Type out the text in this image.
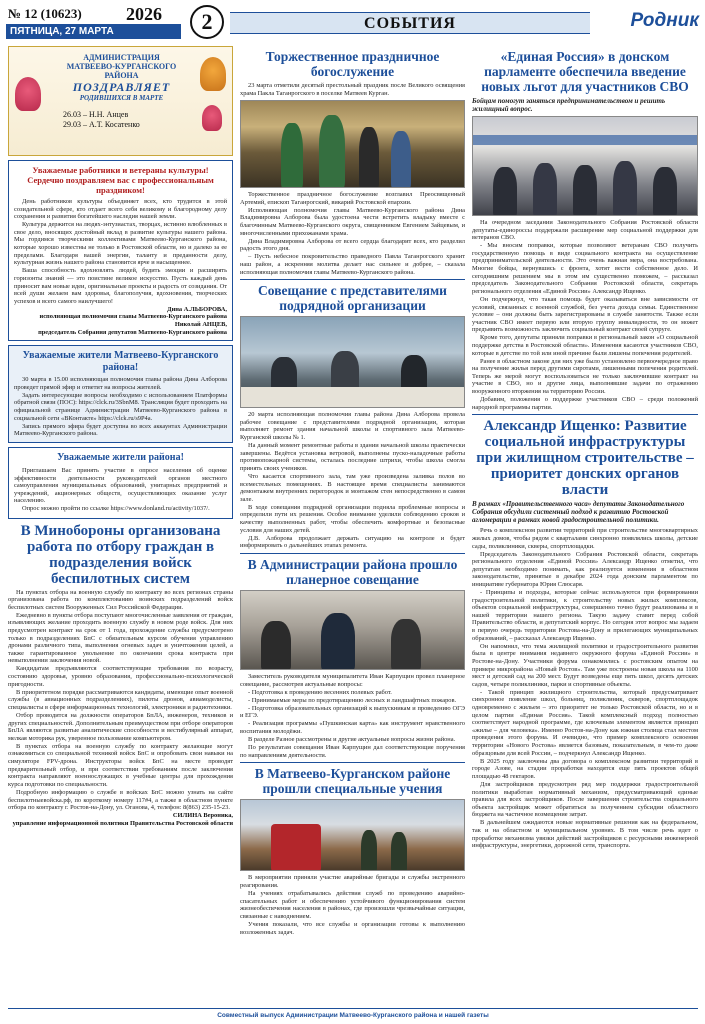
№ 12 (10623) 2026
ПЯТНИЦА, 27 МАРТА	2	СОБЫТИЯ	Родник
АДМИНИСТРАЦИЯ
МАТВЕЕВО-КУРГАНСКОГО РАЙОНА
ПОЗДРАВЛЯЕТ
РОДИВШИХСЯ В МАРТЕ
26.03 – Н.Н. Анцев
29.03 – А.Т. Косатенко
Уважаемые работники и ветераны культуры! Сердечно поздравляем вас с профессиональным праздником!

День работников культуры объединяет всех, кто трудится в этой созидательной сфере, кто отдает всего себя великому и благородному делу сохранения и развития богатейшего наследия нашей земли.

Культура держится на людях-энтузиастах, творцах, истинно влюбленных в свое дело, вносящих достойный вклад в развитие культуры нашего района. Мы гордимся творческими коллективами Матвеево-Курганского района, которые хорошо известны не только в Ростовской области, но и далеко за ее пределами. Благодаря вашей энергии, таланту и преданности делу, культурная жизнь нашего района становится ярче и насыщеннее.

Ваша способность вдохновлять людей, будить эмоции и расширять горизонты знаний — это поистине великое искусство. Пусть каждый день приносит вам новые идеи, оригинальные проекты и радость от созидания. От всей души желаем вам здоровья, благополучия, вдохновения, творческих успехов и всего самого наилучшего!

Дина А.ЛЬБОРОВА,
исполняющая полномочия главы Матвеево-Курганского района
Николай АНЦЕВ,
председатель Собрания депутатов Матвеево-Курганского района
Уважаемые жители Матвеево-Курганского района!

30 марта в 15.00 исполняющая полномочия главы района Дина Алборова проведет прямой эфир и ответит на вопросы жителей.

Задать интересующие вопросы необходимо с использованием Платформы обратной связи (ПОС): https://clck.ru/3SbnM8. Трансляция будет проходить на официальной странице Администрации Матвеево-Курганского района в социальной сети «ВКонтакте» https://clck.ru/s9P4a.

Запись прямого эфира будет доступна во всех аккаунтах Администрации Матвеево-Курганского района.

Уважаемые жители района!

Приглашаем Вас принять участие в опросе населения об оценке эффективности деятельности руководителей органов местного самоуправления муниципальных образований, унитарных предприятий и учреждений, акционерных обществ, осуществляющих оказание услуг населению.

Опрос можно пройти по ссылке https://www.donland.ru/activity/1037/.

В Минобороны организована работа по отбору граждан в подразделения войск беспилотных систем

На пунктах отбора на военную службу по контракту во всех регионах страны организована работа по комплектованию воинских подразделений войск беспилотных систем Вооруженных Сил Российской Федерации.

Ежедневно в пункты отбора поступают многочисленные заявления от граждан, изъявляющих желание проходить военную службу в новом роде войск. Для них предусмотрен контракт на срок от 1 года, прохождение службы предусмотрено только в подразделениях БпС с обязательным курсом обучения управлению дронами различного типа, выполнения огневых задач и уничтожения целей, а также гарантированное увольнение по окончании срока контракта при невыполнении заключения новой.

Кандидатам предъявляются соответствующие требования по возрасту, состоянию здоровья, уровню образования, профессионально-психологической пригодности.

В приоритетном порядке рассматриваются кандидаты, имеющие опыт военной службы (в авиационных подразделениях), пилоты дронов, авиамоделисты, специалисты в сфере информационных технологий, электроники и радиотехники.

Отбор проводится на должности операторов БпЛА, инженеров, техников и других специальностей. Дополнительным преимуществом при отборе операторов БпЛА являются развитые аналитические способности и вестибулярный аппарат, мелкая моторика рук, уверенное пользование компьютером.

В пунктах отбора на военную службу по контракту желающие могут ознакомиться со специальной техникой войск БпС и опробовать свои навыки на симуляторе FPV-дрона. Инструкторы войск БпС на месте проводят предварительный отбор, и при соответствии требованиям после заключения контракта направляют военнослужащих в учебные центры для прохождения курса подготовки по специальности.

Подробную информацию о службе в войсках БпС можно узнать на сайте беспилотныевойска.рф, по короткому номеру 117#4, а также в областном пункте отбора по контракту г. Ростов-на-Дону, ул. Оганова, 4, телефон: 8(863) 235-15-23.

СИЛИНА Вероника,
управление информационной политики Правительства Ростовской области
Торжественное праздничное богослужение

23 марта отметили десятый престольный праздник после Великого освящения храма Пакла Таганрогского в поселке Матвеев Курган.

Торжественное праздничное богослужение возглавил Преосвященный Артемий, епископ Таганрогский, викарий Ростовской епархии.

Исполняющая полномочия главы Матвеево-Курганского района Дина Владимировна Алборова была удостоена чести встретить владыку вместе с благочинным Матвеево-Курганского округа, священником Евгением Зайцевым, и многочисленными прихожанами храма.

Дина Владимировна Алборова от всего сердца благодарит всех, кто разделил радость этого дня.

– Пусть небесное покровительство праведного Павла Таганрогского хранит наш район, а искренняя молитва делает нас сильнее и добрее, – сказала исполняющая полномочия главы Матвеево-Курганского района.

Совещание с представителями подрядной организации

20 марта исполняющая полномочия главы района Дина Алборова провела рабочее совещание с представителями подрядной организации, которая выполняет ремонт здания начальной школы и спортивного зала Матвеево-Курганской школы № 1.

На данный момент ремонтные работы в здании начальной школы практически завершены. Ведётся установка ветровой, выполнены пуско-наладочные работы противопожарной системы, осталась последние штрихи, чтобы школа смогла принять своих учеников.

Что касается спортивного зала, там уже произведена заливка полов во всемеcтельных помещениях. В настоящее время специалисты занимаются демонтажем внутренних перегородок и монтажом стен непосредственно в самом зале.

В ходе совещания подрядной организации подняла проблемные вопросы и определили пути их решения. Особое внимание уделили соблюдению сроков и качеству выполненных работ, чтобы обеспечить комфортные и безопасные условия для наших детей.

Д.В. Алборова продолжает держать ситуацию на контроле и будет информировать о дальнейших этапах ремонта.

В Администрации района прошло планерное совещание

Заместитель руководителя муниципалитета Иван Карпущин провел планерное совещание, рассмотрев актуальные вопросы:

- Подготовка к проведению весенних полевых работ.

- Принимаемые меры по предотвращению лесных и ландшафтных пожаров.

- Подготовка образовательных организаций к выпускникам и проведению ОГЭ и ЕГЭ.

- Реализация программы «Пушкинская карта» как инструмент нравственного воспитания молодёжи.

В разделе Разное рассмотрены и другие актуальные вопросы жизни района.

По результатам совещания Иван Карпущин дал соответствующие поручения по направлениям деятельности.

В Матвеево-Курганском районе прошли специальные учения

В мероприятии приняли участие аварийные бригады и службы экстренного реагирования.

На учениях отрабатывались действия служб по проведению аварийно-спасательных работ и обеспечению устойчивого функционирования систем жизнеобеспечения населения в районах, где произошли чрезвычайные ситуации, связанные с наводнением.

Учения показали, что все службы и организации готовы к выполнению возложенных задач.

«Единая Россия» в донском парламенте обеспечила введение новых льгот для участников СВО
Бойцам помогут заняться предпринимательством и решить жилищный вопрос.

На очередном заседании Законодательного Собрания Ростовской области депутаты-единороссы поддержали расширение мер социальной поддержки для ветеранов СВО.

- Мы вносим поправки, которые позволяют ветеранам СВО получить государственную помощь в виде социального контракта на осуществление предпринимательской деятельности. Это очень важная мера, она востребована. Многие бойцы, вернувшись с фронта, хотят вести собственное дело. И сегодняшним решением мы в этом им существенно поможем, – рассказал председатель Законодательного Собрания Ростовской области, секретарь регионального отделения «Единой России» Александр Ищенко.

Он подчеркнул, что такая помощь будет оказываться вне зависимости от условий, связанных с военной службой, без учета дохода семьи. Единственное условие – они должны быть зарегистрированы в службе занятости. Также если участник СВО имеет первую или вторую группу инвалидности, то он может предъявить возможность заключить социальный контракт своей супруге.

Кроме того, депутаты приняли поправки в региональный закон «О социальной поддержке детства в Ростовской области». Изменения касаются участников СВО, которые в детстве по той или иной причине были лишены попечения родителей.

Ранее в областном законе для них уже было установлено первоочередное право на получение жилья перед другими сиротами, лишенными попечения родителей. Теперь же мерой могут воспользоваться не только заключившие контракт на участие в СВО, но и другие лица, выполнявшие задачи по отражению вооруженного вторжения на территорию России.

Добавим, положения о поддержке участников СВО – среди положений народной программы партии.

Александр Ищенко: Развитие социальной инфраструктуры при жилищном строительстве – приоритет донских органов власти
В рамках «Правительственного часа» депутаты Законодательного Собрания обсудили системный подход к развитию Ростовской агломерации в рамках новой градостроительной политики.

Речь о комплексном развитии территорий при строительстве многоквартирных жилых домов, чтобы рядом с кварталами синхронно появлялись школы, детские сады, поликлиники, скверы, спортплощадки.

Председатель Законодательного Собрания Ростовской области, секретарь регионального отделения «Единой России» Александр Ищенко отметил, что депутатам необходимо понимать, как реализуется изменения в областном законодательстве, принятые в декабре 2024 года донским парламентом по инициативе губернатора Юрия Слюсаря.

- Принципы и подходы, которые сейчас используются при формировании градостроительной политики, к строительству новых жилых комплексов, объектов социальной инфраструктуры, совершенно точно будут реализованы и в нашей территории нашего региона. Такую задачу ставит перед собой Правительство области, и депутатский корпус. Но сегодня этот вопрос мы задаем в первую очередь территории Ростова-на-Дону и прилегающих муниципальных образований, – рассказал Александр Ищенко.

Он напомнил, что тема жилищной политики и градостроительного развития была в центре внимания недавнего окружного форума «Единой России» в Ростове-на-Дону. Участники форума ознакомились с ростовским опытом на примере микрорайона «Новый Ростов». Там уже построены новая школа на 1100 мест и детский сад на 200 мест. Будут возведены еще пять школ, десять детских садов, четыре поликлиники, парки и спортивные объекты.

- Такой принцип жилищного строительства, который предусматривает синхронное появление школ, больниц, поликлиник, скверов, спортплощадок одновременно с жильем – это приоритет не только Ростовской области, но и в целом партии «Единая Россия». Такой комплексный подход полностью соответствует народной программе, где ключевым элементом является принцип «жилье – для человека». Именно Ростов-на-Дону как южная столица стал местом проведения этого форума. И очевидно, что пример комплексного освоения территории «Нового Ростова» является базовым, показательным, в чем-то даже образцовым для всей России, – подчеркнул Александр Ищенко.

В 2025 году заключены два договора о комплексном развитии территорий в городе Азове, на стадии проработки находятся еще пять проектов общей площадью 48 гектаров.

Для застройщиков предусмотрен ряд мер поддержки градостроительной политики выработан нормативный механизм, предусматривающий единые правила для всех застройщиков. После завершения строительства социального объекта застройщик может обратиться за получением субсидии областного бюджета на частичное возмещение затрат.

В дальнейшем ожидаются новые нормативные решения как на федеральном, так и на областном и муниципальном уровнях. В том числе речь идет о проработке механизма увязки действий застройщиков с ресурсными инженерной инфраструктуры, энергетики, дорожной сети, транспорта.

Совместный выпуск Администрации Матвеево-Курганского района и нашей газеты
